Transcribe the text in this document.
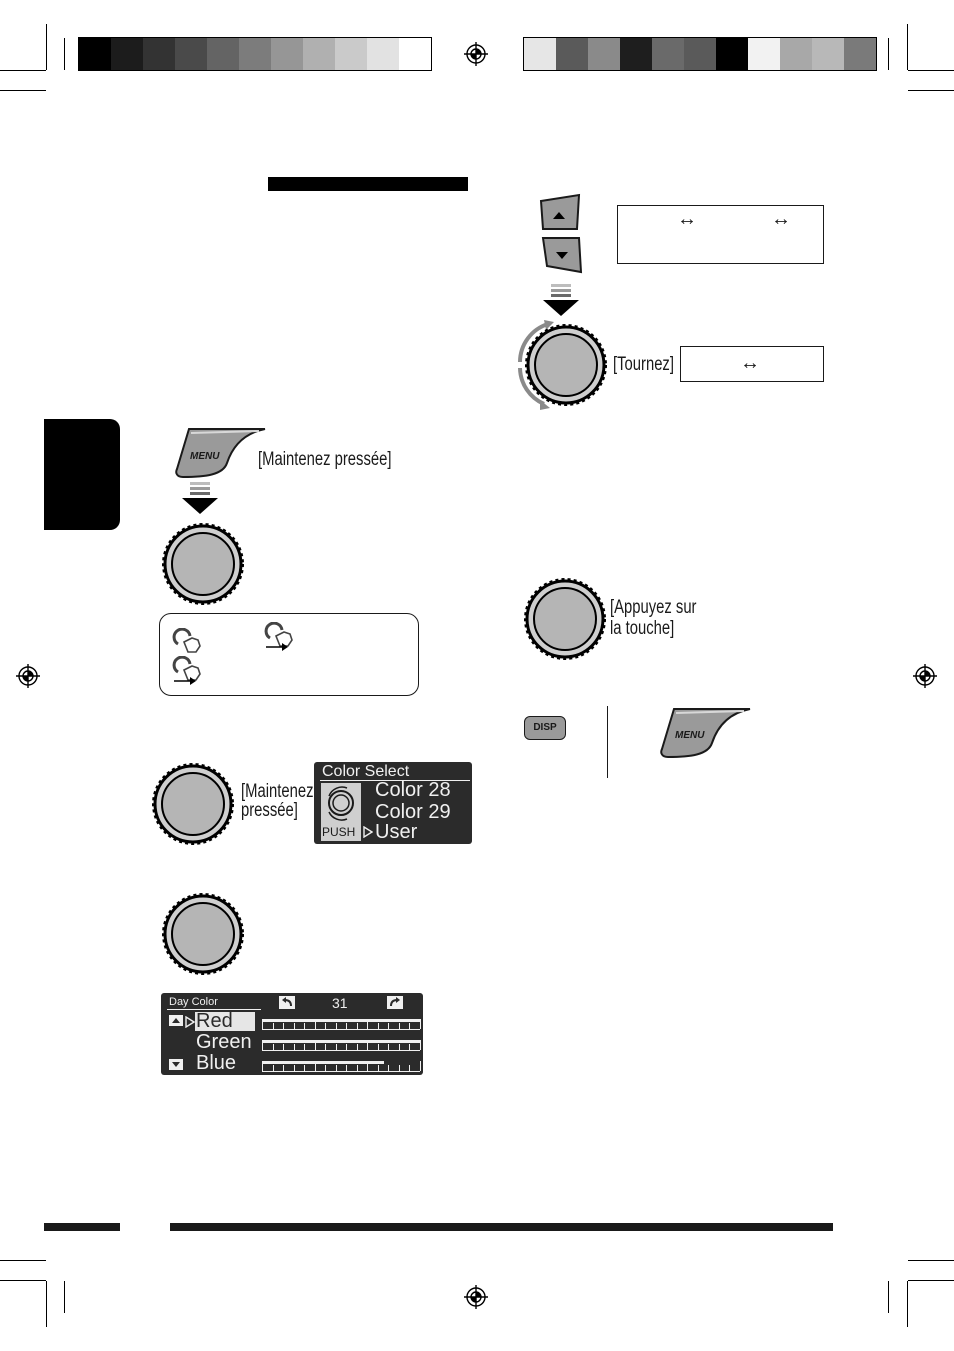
MENU [Maintenez pressée]
[Maintenez
pressée]
Color Select
PUSH
Color 28
Color 29
User
Day Color	31
Red
Green
Blue
↔	↔
[Tournez]	↔
[Appuyez sur
la touche]
DISP
MENU
